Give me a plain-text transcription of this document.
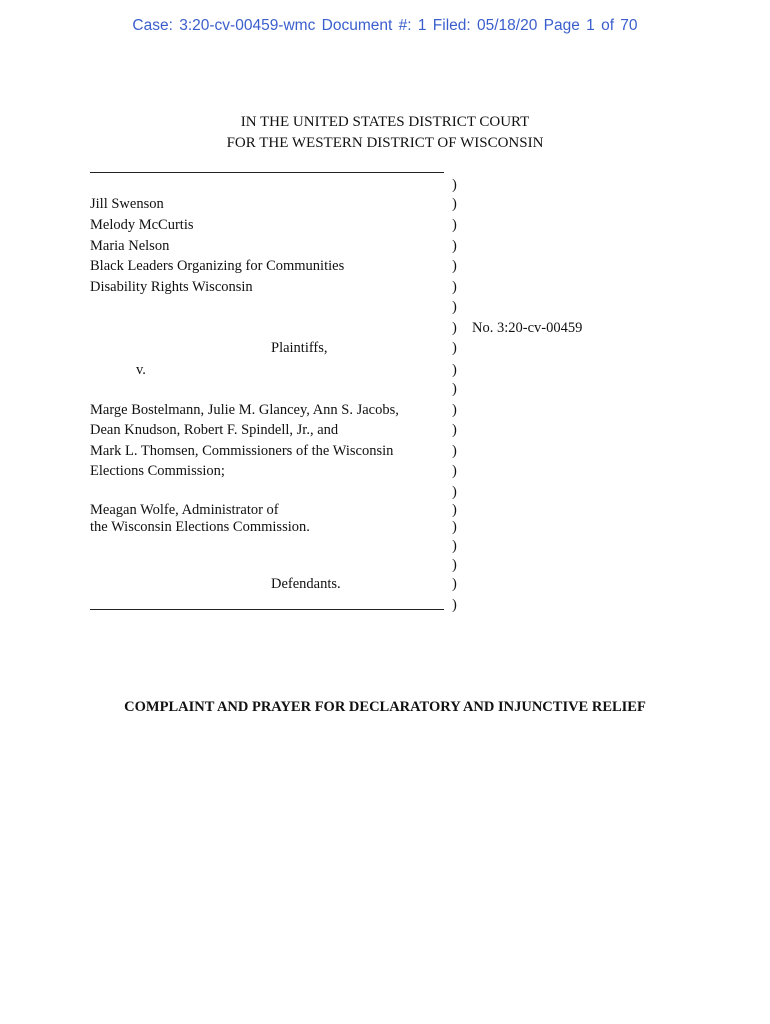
Case: 3:20-cv-00459-wmc Document #: 1 Filed: 05/18/20 Page 1 of 70
IN THE UNITED STATES DISTRICT COURT
FOR THE WESTERN DISTRICT OF WISCONSIN
Jill Swenson
Melody McCurtis
Maria Nelson
Black Leaders Organizing for Communities
Disability Rights Wisconsin
Plaintiffs,
v.
Marge Bostelmann, Julie M. Glancey, Ann S. Jacobs,
Dean Knudson, Robert F. Spindell, Jr., and
Mark L. Thomsen, Commissioners of the Wisconsin
Elections Commission;
Meagan Wolfe, Administrator of
the Wisconsin Elections Commission.
Defendants.
)
)
)
)
)
)
)
)
)
)
)
)
)
)
)
)
)
)
)
)
)
)
No. 3:20-cv-00459
COMPLAINT AND PRAYER FOR DECLARATORY AND INJUNCTIVE RELIEF
